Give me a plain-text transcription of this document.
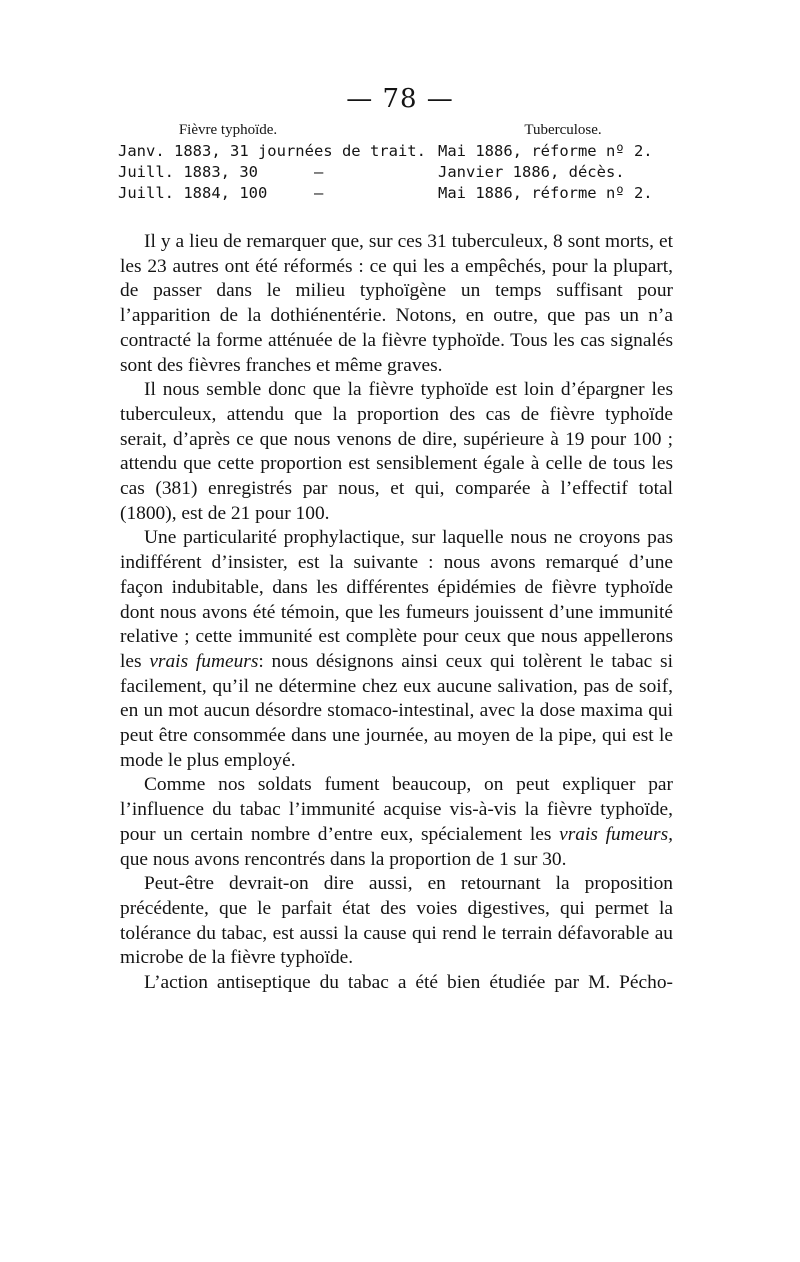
— 78 —
Fièvre typhoïde.
Janv. 1883, 31 journées de trait.
Juill. 1883, 30      —
Juill. 1884, 100     —
Tuberculose.
Mai 1886, réforme nº 2.
Janvier 1886, décès.
Mai 1886, réforme nº 2.

Il y a lieu de remarquer que, sur ces 31 tuberculeux, 8 sont morts, et les 23 autres ont été réformés : ce qui les a empêchés, pour la plupart, de passer dans le milieu typhoïgène un temps suffisant pour l’apparition de la dothiénentérie. Notons, en outre, que pas un n’a contracté la forme atténuée de la fièvre typhoïde. Tous les cas signalés sont des fièvres franches et même graves.

Il nous semble donc que la fièvre typhoïde est loin d’épargner les tuberculeux, attendu que la proportion des cas de fièvre typhoïde serait, d’après ce que nous venons de dire, supérieure à 19 pour 100 ; attendu que cette proportion est sensiblement égale à celle de tous les cas (381) enregistrés par nous, et qui, comparée à l’effectif total (1800), est de 21 pour 100.

Une particularité prophylactique, sur laquelle nous ne croyons pas indifférent d’insister, est la suivante : nous avons remarqué d’une façon indubitable, dans les différentes épidémies de fièvre typhoïde dont nous avons été témoin, que les fumeurs jouissent d’une immunité relative ; cette immunité est complète pour ceux que nous appellerons les vrais fumeurs: nous désignons ainsi ceux qui tolèrent le tabac si facilement, qu’il ne détermine chez eux aucune salivation, pas de soif, en un mot aucun désordre stomaco-intestinal, avec la dose maxima qui peut être consommée dans une journée, au moyen de la pipe, qui est le mode le plus employé.

Comme nos soldats fument beaucoup, on peut expliquer par l’influence du tabac l’immunité acquise vis-à-vis la fièvre typhoïde, pour un certain nombre d’entre eux, spécialement les vrais fumeurs, que nous avons rencontrés dans la proportion de 1 sur 30.

Peut-être devrait-on dire aussi, en retournant la proposition précédente, que le parfait état des voies digestives, qui permet la tolérance du tabac, est aussi la cause qui rend le terrain défavorable au microbe de la fièvre typhoïde.

L’action antiseptique du tabac a été bien étudiée par M. Pécho-
